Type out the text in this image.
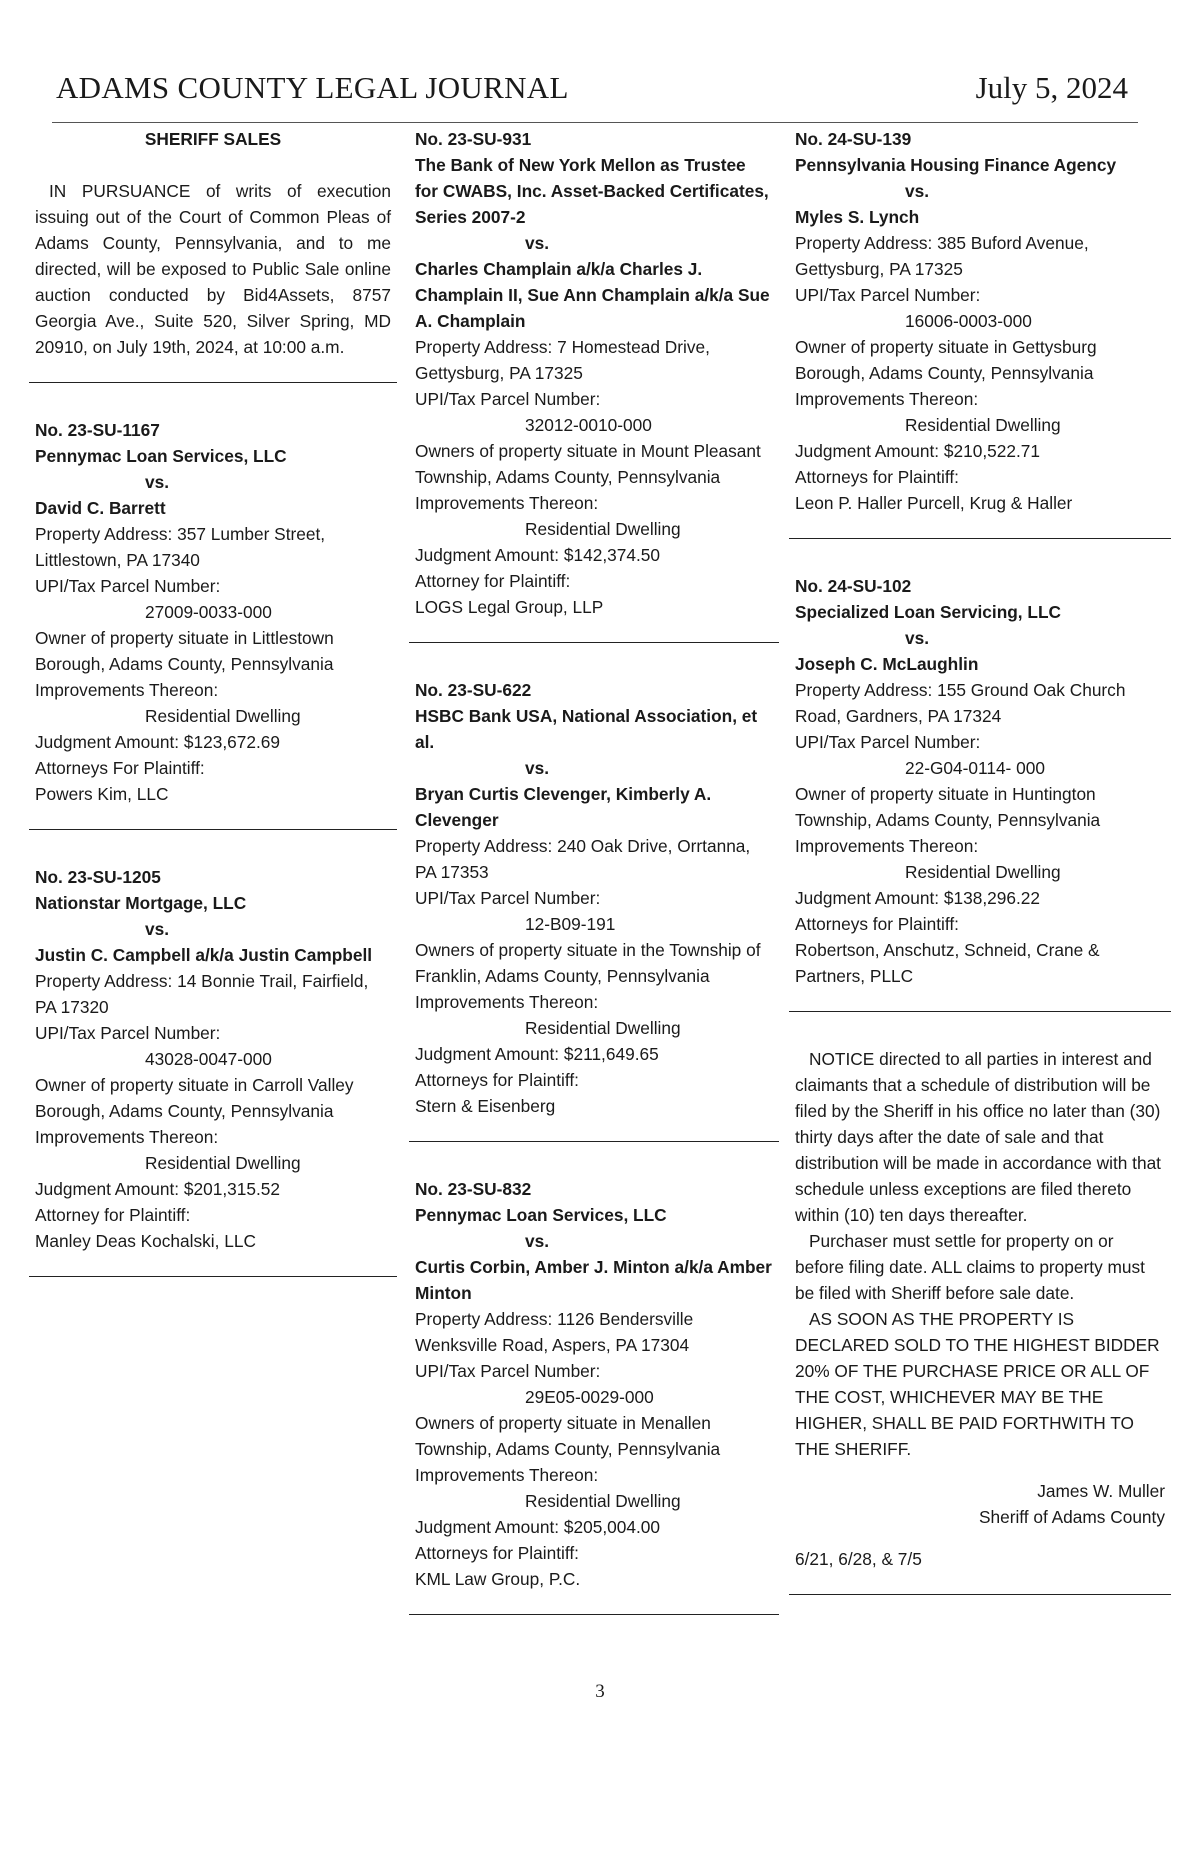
ADAMS COUNTY LEGAL JOURNAL	July 5, 2024

SHERIFF SALES

IN PURSUANCE of writs of execution issuing out of the Court of Common Pleas of Adams County, Pennsylvania, and to me directed, will be exposed to Public Sale online auction conducted by Bid4Assets, 8757 Georgia Ave., Suite 520, Silver Spring, MD 20910, on July 19th, 2024, at 10:00 a.m.

No. 23-SU-1167

Pennymac Loan Services, LLC

vs.

David C. Barrett

Property Address: 357 Lumber Street, Littlestown, PA 17340

UPI/Tax Parcel Number:

27009-0033-000

Owner of property situate in Littlestown Borough, Adams County, Pennsylvania

Improvements Thereon:

Residential Dwelling

Judgment Amount: $123,672.69

Attorneys For Plaintiff:

Powers Kim, LLC

No. 23-SU-1205

Nationstar Mortgage, LLC

vs.

Justin C. Campbell a/k/a Justin Campbell

Property Address: 14 Bonnie Trail, Fairfield, PA 17320

UPI/Tax Parcel Number:

43028-0047-000

Owner of property situate in Carroll Valley Borough, Adams County, Pennsylvania

Improvements Thereon:

Residential Dwelling

Judgment Amount: $201,315.52

Attorney for Plaintiff:

Manley Deas Kochalski, LLC

No. 23-SU-931

The Bank of New York Mellon as Trustee for CWABS, Inc. Asset-Backed Certificates, Series 2007-2

vs.

Charles Champlain a/k/a Charles J. Champlain II, Sue Ann Champlain a/k/a Sue A. Champlain

Property Address: 7 Homestead Drive, Gettysburg, PA 17325

UPI/Tax Parcel Number:

32012-0010-000

Owners of property situate in Mount Pleasant Township, Adams County, Pennsylvania

Improvements Thereon:

Residential Dwelling

Judgment Amount: $142,374.50

Attorney for Plaintiff:

LOGS Legal Group, LLP

No. 23-SU-622

HSBC Bank USA, National Association, et al.

vs.

Bryan Curtis Clevenger, Kimberly A. Clevenger

Property Address: 240 Oak Drive, Orrtanna, PA 17353

UPI/Tax Parcel Number:

12-B09-191

Owners of property situate in the Township of Franklin, Adams County, Pennsylvania

Improvements Thereon:

Residential Dwelling

Judgment Amount: $211,649.65

Attorneys for Plaintiff:

Stern & Eisenberg

No. 23-SU-832

Pennymac Loan Services, LLC

vs.

Curtis Corbin, Amber J. Minton a/k/a Amber Minton

Property Address: 1126 Bendersville Wenksville Road, Aspers, PA 17304

UPI/Tax Parcel Number:

29E05-0029-000

Owners of property situate in Menallen Township, Adams County, Pennsylvania

Improvements Thereon:

Residential Dwelling

Judgment Amount: $205,004.00

Attorneys for Plaintiff:

KML Law Group, P.C.

No. 24-SU-139

Pennsylvania Housing Finance Agency

vs.

Myles S. Lynch

Property Address: 385 Buford Avenue, Gettysburg, PA 17325

UPI/Tax Parcel Number:

16006-0003-000

Owner of property situate in Gettysburg Borough, Adams County, Pennsylvania

Improvements Thereon:

Residential Dwelling

Judgment Amount: $210,522.71

Attorneys for Plaintiff:

Leon P. Haller Purcell, Krug & Haller

No. 24-SU-102

Specialized Loan Servicing, LLC

vs.

Joseph C. McLaughlin

Property Address: 155 Ground Oak Church Road, Gardners, PA 17324

UPI/Tax Parcel Number:

22-G04-0114- 000

Owner of property situate in Huntington Township, Adams County, Pennsylvania

Improvements Thereon:

Residential Dwelling

Judgment Amount: $138,296.22

Attorneys for Plaintiff:

Robertson, Anschutz, Schneid, Crane & Partners, PLLC

NOTICE directed to all parties in interest and claimants that a schedule of distribution will be filed by the Sheriff in his office no later than (30) thirty days after the date of sale and that distribution will be made in accordance with that schedule unless exceptions are filed thereto within (10) ten days thereafter.

Purchaser must settle for property on or before filing date. ALL claims to property must be filed with Sheriff before sale date.

AS SOON AS THE PROPERTY IS DECLARED SOLD TO THE HIGHEST BIDDER 20% OF THE PURCHASE PRICE OR ALL OF THE COST, WHICHEVER MAY BE THE HIGHER, SHALL BE PAID FORTHWITH TO THE SHERIFF.

James W. Muller

Sheriff of Adams County

6/21, 6/28, & 7/5

3
